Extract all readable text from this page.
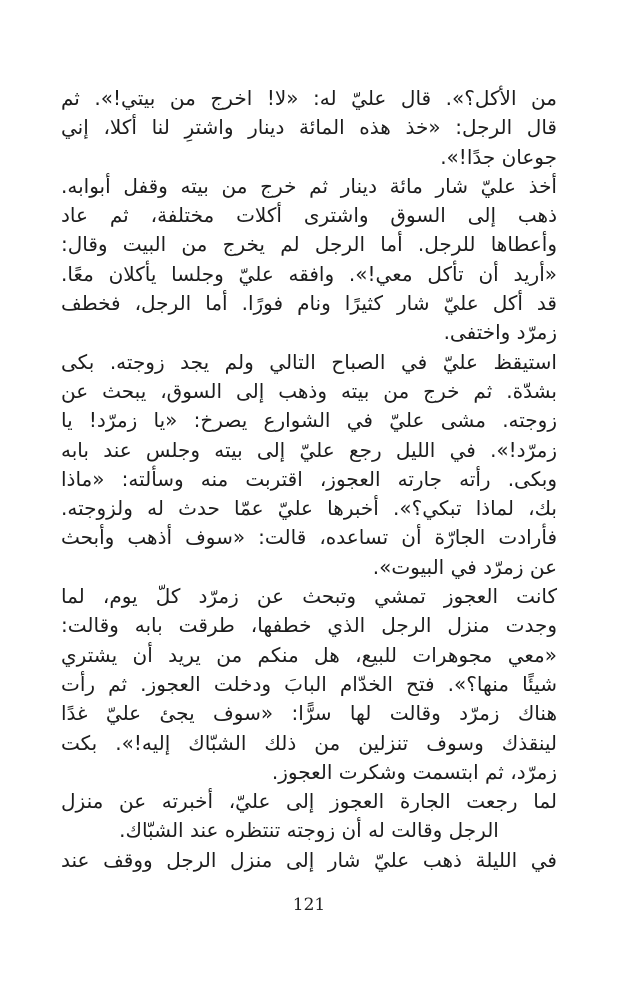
من الأكل؟». قال عليّ له: «لا! اخرج من بيتي!». ثم
قال الرجل: «خذ هذه المائة دينار واشترِ لنا أكلا، إني
جوعان جدًا!».
أخذ عليّ شار مائة دينار ثم خرج من بيته وقفل أبوابه.
ذهب إلى السوق واشترى أكلات مختلفة، ثم عاد
وأعطاها للرجل. أما الرجل لم يخرج من البيت وقال:
«أريد أن تأكل معي!». وافقه عليّ وجلسا يأكلان معًا.
قد أكل عليّ شار كثيرًا ونام فورًا. أما الرجل، فخطف
زمرّد واختفى.
استيقظ عليّ في الصباح التالي ولم يجد زوجته. بكى
بشدّة. ثم خرج من بيته وذهب إلى السوق، يبحث عن
زوجته. مشى عليّ في الشوارع يصرخ: «يا زمرّد! يا
زمرّد!». في الليل رجع عليّ إلى بيته وجلس عند بابه
وبكى. رأته جارته العجوز، اقتربت منه وسألته: «ماذا
بك، لماذا تبكي؟». أخبرها عليّ عمّا حدث له ولزوجته.
فأرادت الجارّة أن تساعده، قالت: «سوف أذهب وأبحث
عن زمرّد في البيوت».
كانت العجوز تمشي وتبحث عن زمرّد كلّ يوم، لما
وجدت منزل الرجل الذي خطفها، طرقت بابه وقالت:
«معي مجوهرات للبيع، هل منكم من يريد أن يشتري
شيئًا منها؟». فتح الخدّام البابَ ودخلت العجوز. ثم رأت
هناك زمرّد وقالت لها سرًّا: «سوف يجئ عليّ غدًا
لينقذك وسوف تنزلين من ذلك الشبّاك إليه!». بكت
زمرّد، ثم ابتسمت وشكرت العجوز.
لما رجعت الجارة العجوز إلى عليّ، أخبرته عن منزل
الرجل وقالت له أن زوجته تنتظره عند الشبّاك.
في الليلة ذهب عليّ شار إلى منزل الرجل ووقف عند
121
